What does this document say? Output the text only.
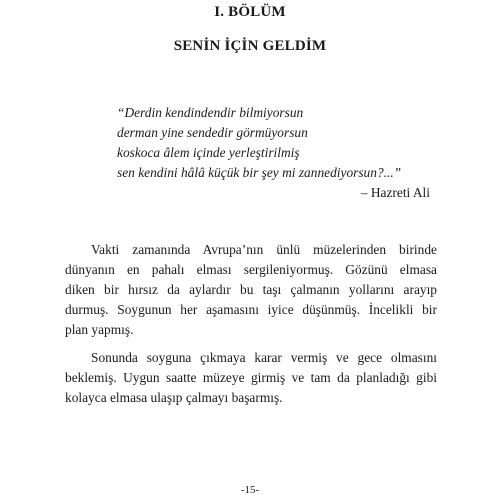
I. BÖLÜM
SENİN İÇİN GELDİM
“Derdin kendindendir bilmiyorsun
derman yine sendedir görmüyorsun
koskoca âlem içinde yerleştirilmiş
sen kendini hâlâ küçük bir şey mi zannediyorsun?...”
– Hazreti Ali
Vakti zamanında Avrupa’nın ünlü müzelerinden birinde
dünyanın en pahalı elması sergileniyormuş. Gözünü elmasa
diken bir hırsız da aylardır bu taşı çalmanın yollarını arayıp
durmuş. Soygunun her aşamasını iyice düşünmüş. İncelikli bir
plan yapmış.
Sonunda soyguna çıkmaya karar vermiş ve gece olmasını
beklemiş. Uygun saatte müzeye girmiş ve tam da planladığı gibi
kolayca elmasa ulaşıp çalmayı başarmış.
-15-
